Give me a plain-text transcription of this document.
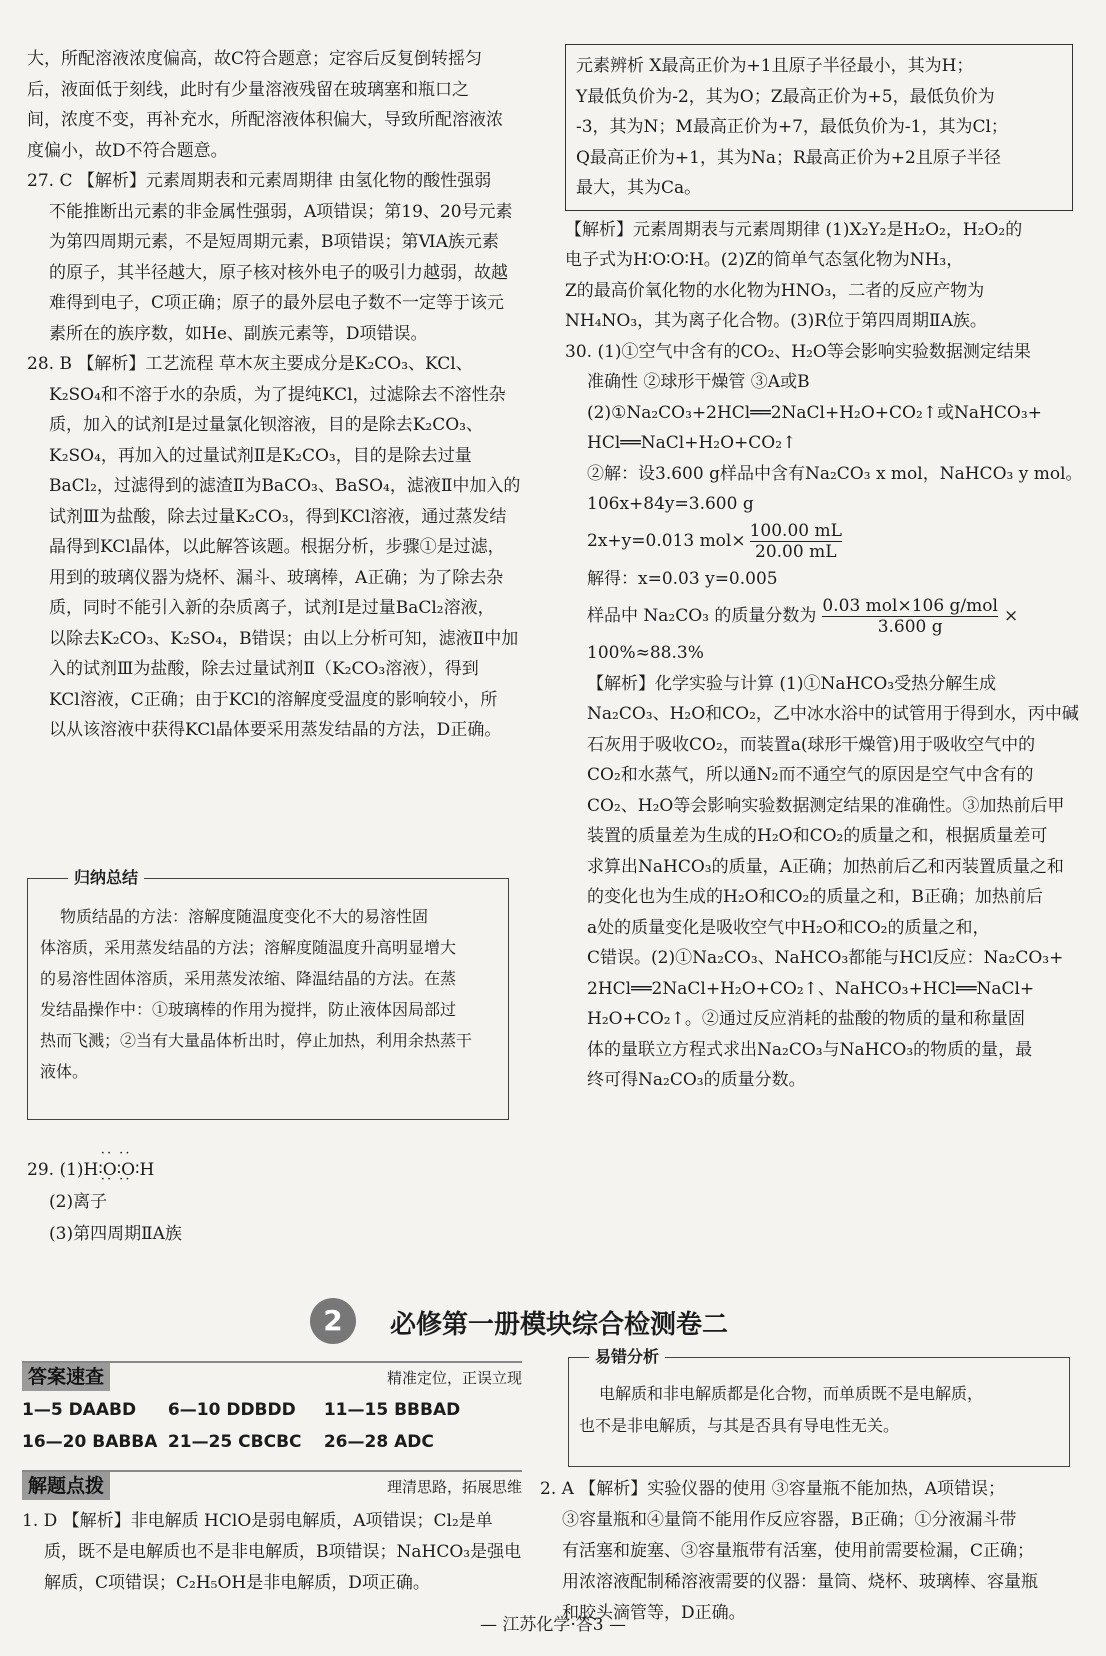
大，所配溶液浓度偏高，故C符合题意；定容后反复倒转摇匀

后，液面低于刻线，此时有少量溶液残留在玻璃塞和瓶口之

间，浓度不变，再补充水，所配溶液体积偏大，导致所配溶液浓

度偏小，故D不符合题意。

27. C 【解析】元素周期表和元素周期律 由氢化物的酸性强弱

不能推断出元素的非金属性强弱，A项错误；第19、20号元素

为第四周期元素，不是短周期元素，B项错误；第ⅥA族元素

的原子，其半径越大，原子核对核外电子的吸引力越弱，故越

难得到电子，C项正确；原子的最外层电子数不一定等于该元

素所在的族序数，如He、副族元素等，D项错误。

28. B 【解析】工艺流程 草木灰主要成分是K₂CO₃、KCl、

K₂SO₄和不溶于水的杂质，为了提纯KCl，过滤除去不溶性杂

质，加入的试剂Ⅰ是过量氯化钡溶液，目的是除去K₂CO₃、

K₂SO₄，再加入的过量试剂Ⅱ是K₂CO₃，目的是除去过量

BaCl₂，过滤得到的滤渣Ⅱ为BaCO₃、BaSO₄，滤液Ⅱ中加入的

试剂Ⅲ为盐酸，除去过量K₂CO₃，得到KCl溶液，通过蒸发结

晶得到KCl晶体，以此解答该题。根据分析，步骤①是过滤，

用到的玻璃仪器为烧杯、漏斗、玻璃棒，A正确；为了除去杂

质，同时不能引入新的杂质离子，试剂Ⅰ是过量BaCl₂溶液，

以除去K₂CO₃、K₂SO₄，B错误；由以上分析可知，滤液Ⅱ中加

入的试剂Ⅲ为盐酸，除去过量试剂Ⅱ（K₂CO₃溶液），得到

KCl溶液，C正确；由于KCl的溶解度受温度的影响较小，所

以从该溶液中获得KCl晶体要采用蒸发结晶的方法，D正确。

归纳总结

物质结晶的方法：溶解度随温度变化不大的易溶性固

体溶质，采用蒸发结晶的方法；溶解度随温度升高明显增大

的易溶性固体溶质，采用蒸发浓缩、降温结晶的方法。在蒸

发结晶操作中：①玻璃棒的作用为搅拌，防止液体因局部过

热而飞溅；②当有大量晶体析出时，停止加热，利用余热蒸干

液体。

29. (1)H∶· · O · ·∶· · O · ·∶H
(2)离子
(3)第四周期ⅡA族

元素辨析 X最高正价为+1且原子半径最小，其为H；

Y最低负价为-2，其为O；Z最高正价为+5，最低负价为

-3，其为N；M最高正价为+7，最低负价为-1，其为Cl；

Q最高正价为+1，其为Na；R最高正价为+2且原子半径

最大，其为Ca。

【解析】元素周期表与元素周期律 (1)X₂Y₂是H₂O₂，H₂O₂的

电子式为H∶O∶O∶H。(2)Z的简单气态氢化物为NH₃，

Z的最高价氧化物的水化物为HNO₃，二者的反应产物为

NH₄NO₃，其为离子化合物。(3)R位于第四周期ⅡA族。

30. (1)①空气中含有的CO₂、H₂O等会影响实验数据测定结果

准确性 ②球形干燥管 ③A或B

(2)①Na₂CO₃+2HCl══2NaCl+H₂O+CO₂↑或NaHCO₃+

HCl══NaCl+H₂O+CO₂↑

②解：设3.600 g样品中含有Na₂CO₃ x mol，NaHCO₃ y mol。

106x+84y=3.600 g

2x+y=0.013 $mol\times \frac{100.00 mL}{20.00 mL}$

解得：x=0.03 y=0.005

样品中 Na₂CO₃ 的质量分数为
0.03 mol×106 g/mol
3.600 g
×

100%≈88.3%

【解析】化学实验与计算 (1)①NaHCO₃受热分解生成

Na₂CO₃、H₂O和CO₂，乙中冰水浴中的试管用于得到水，丙中碱

石灰用于吸收CO₂，而装置a(球形干燥管)用于吸收空气中的

CO₂和水蒸气，所以通N₂而不通空气的原因是空气中含有的

CO₂、H₂O等会影响实验数据测定结果的准确性。③加热前后甲

装置的质量差为生成的H₂O和CO₂的质量之和，根据质量差可

求算出NaHCO₃的质量，A正确；加热前后乙和丙装置质量之和

的变化也为生成的H₂O和CO₂的质量之和，B正确；加热前后

a处的质量变化是吸收空气中H₂O和CO₂的质量之和，

C错误。(2)①Na₂CO₃、NaHCO₃都能与HCl反应：Na₂CO₃+

2HCl══2NaCl+H₂O+CO₂↑、NaHCO₃+HCl══NaCl+

H₂O+CO₂↑。②通过反应消耗的盐酸的物质的量和称量固

体的量联立方程式求出Na₂CO₃与NaHCO₃的物质的量，最

终可得Na₂CO₃的质量分数。

2	必修第一册模块综合检测卷二
答案速查	精准定位，正误立现
1—5 DAABD 6—10 DDBDD 11—15 BBBAD
16—20 BABBA 21—25 CBCBC 26—28 ADC
解题点拨	理清思路，拓展思维

1. D 【解析】非电解质 HClO是弱电解质，A项错误；Cl₂是单

质，既不是电解质也不是非电解质，B项错误；NaHCO₃是强电

解质，C项错误；C₂H₅OH是非电解质，D项正确。

易错分析

电解质和非电解质都是化合物，而单质既不是电解质，

也不是非电解质，与其是否具有导电性无关。

2. A 【解析】实验仪器的使用 ③容量瓶不能加热，A项错误；

③容量瓶和④量筒不能用作反应容器，B正确；①分液漏斗带

有活塞和旋塞、③容量瓶带有活塞，使用前需要检漏，C正确；

用浓溶液配制稀溶液需要的仪器：量筒、烧杯、玻璃棒、容量瓶

和胶头滴管等，D正确。

— 江苏化学·答3 —
